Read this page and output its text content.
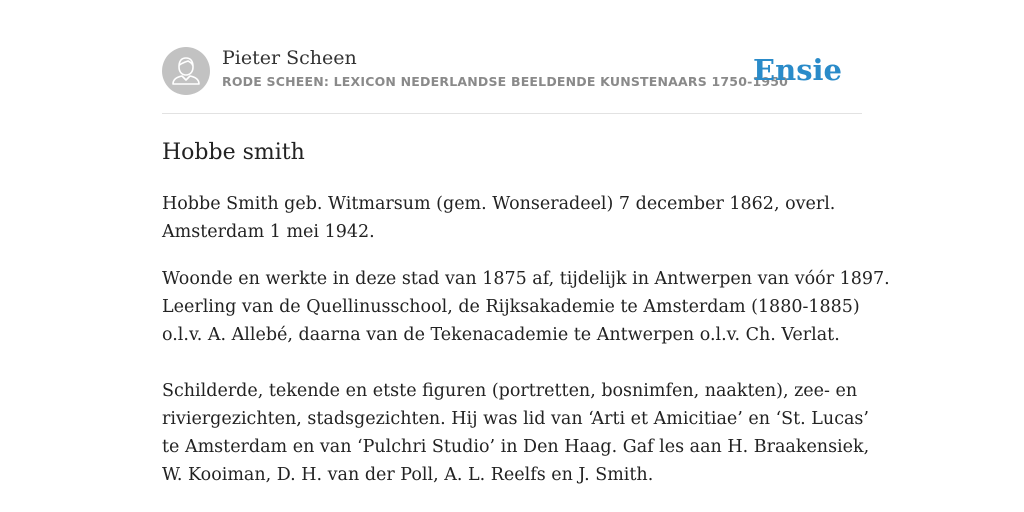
Pieter Scheen
RODE SCHEEN: LEXICON NEDERLANDSE BEELDENDE KUNSTENAARS 1750-1950
Ensie
Hobbe smith

Hobbe Smith geb. Witmarsum (gem. Wonseradeel) 7 december 1862, overl.
Amsterdam 1 mei 1942.

Woonde en werkte in deze stad van 1875 af, tijdelijk in Antwerpen van vóór 1897.
Leerling van de Quellinusschool, de Rijksakademie te Amsterdam (1880-1885)
o.l.v. A. Allebé, daarna van de Tekenacademie te Antwerpen o.l.v. Ch. Verlat.

Schilderde, tekende en etste figuren (portretten, bosnimfen, naakten), zee- en
riviergezichten, stadsgezichten. Hij was lid van ‘Arti et Amicitiae’ en ‘St. Lucas’
te Amsterdam en van ‘Pulchri Studio’ in Den Haag. Gaf les aan H. Braakensiek,
W. Kooiman, D. H. van der Poll, A. L. Reelfs en J. Smith.
